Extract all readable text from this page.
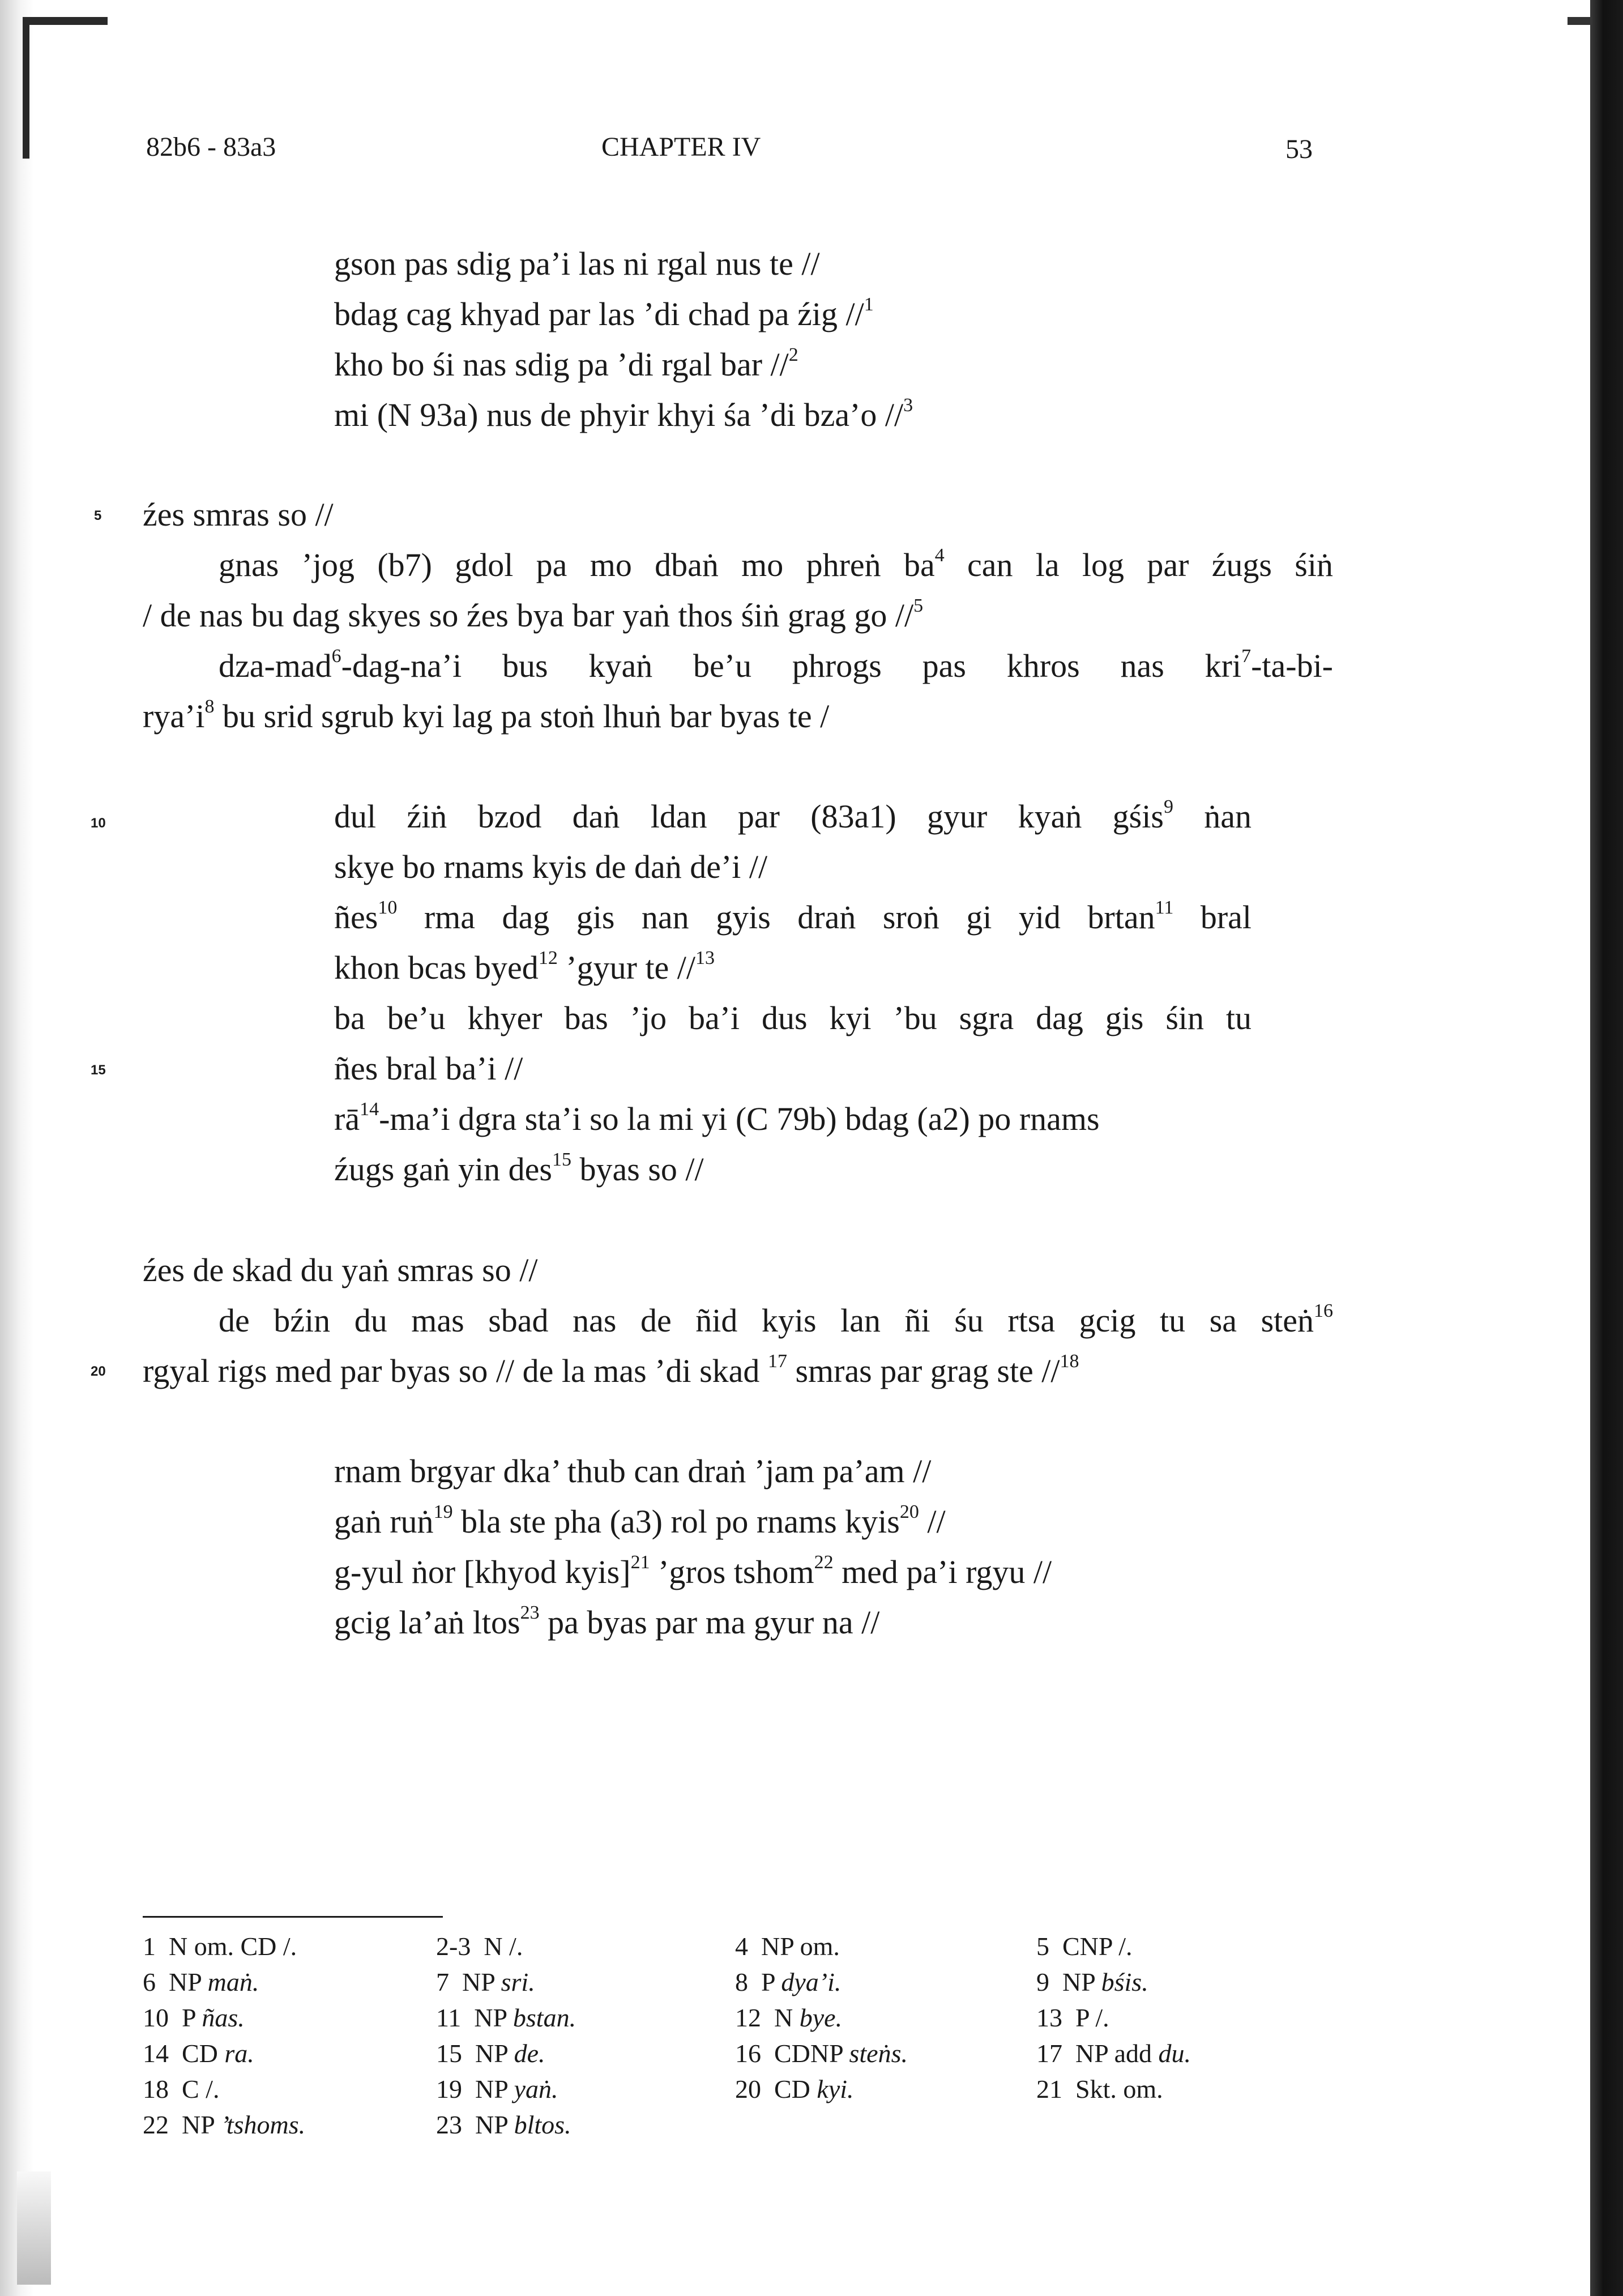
82b6 - 83a3	CHAPTER IV	53
gson pas sdig pa’i las ni rgal nus te //
bdag cag khyad par las ’di chad pa źig //$^1$
kho bo śi nas sdig pa ’di rgal bar //$^2$
mi (N 93a) nus de phyir khyi śa ’di bza’o //$^3$
5
10
15
20
źes smras so //
gnas ’jog (b7) gdol pa mo dbaṅ mo phreṅ $ba^4$ can la log par źugs śiṅ
/ de nas bu dag skyes so źes bya bar yaṅ thos śiṅ grag go //$^5$
dza-mad$^6$-dag-na’i bus kyaṅ be’u phrogs pas khros nas kri$^7$-ta-bi-
$rya’i^8$ bu srid sgrub kyi lag pa stoṅ lhuṅ bar byas te /
dul źiṅ bzod daṅ ldan par (83a1) gyur kyaṅ gśis$^9$ ṅan
skye bo rnams kyis de daṅ de’i //
ñes$^{10}$ rma dag gis nan gyis draṅ sroṅ gi yid brtan$^{11}$ bral
khon bcas byed$^{12}$ ’gyur te //$^{13}$
ba be’u khyer bas ’jo ba’i dus kyi ’bu sgra dag gis śin tu
ñes bral ba’i //
$rā^{14}-ma’i$ dgra sta’i so la mi yi (C 79b) bdag (a2) po rnams
źugs gaṅ yin des$^{15}$ byas so //
źes de skad du yaṅ smras so //
de bźin du mas sbad nas de ñid kyis lan ñi śu rtsa gcig tu sa steṅ$^{16}$
rgyal rigs med par byas so // de la mas ’di skad $^{17}$ smras par grag ste //$^{18}$
rnam brgyar dka’ thub can draṅ ’jam pa’am //
gaṅ ruṅ$^{19}$ bla ste pha (a3) rol po rnams kyis$^{20}$ //
g-yul ṅor [khyod kyis]$^{21}$ ’gros tshom$^{22}$ med pa’i rgyu //
gcig la’aṅ ltos$^{23}$ pa byas par ma gyur na //
1  N om. CD /.	2-3  N /.	4  NP om.	5  CNP /.
6  NP maṅ.	7  NP sri.	8  P dya’i.	9  NP bśis.
10  P ñas.	11  NP bstan.	12  N bye.	13  P /.
14  CD ra.	15  NP de.	16  CDNP steṅs.	17  NP add du.
18  C /.	19  NP yaṅ.	20  CD kyi.	21  Skt. om.
22  NP ’tshoms.	23  NP bltos.
